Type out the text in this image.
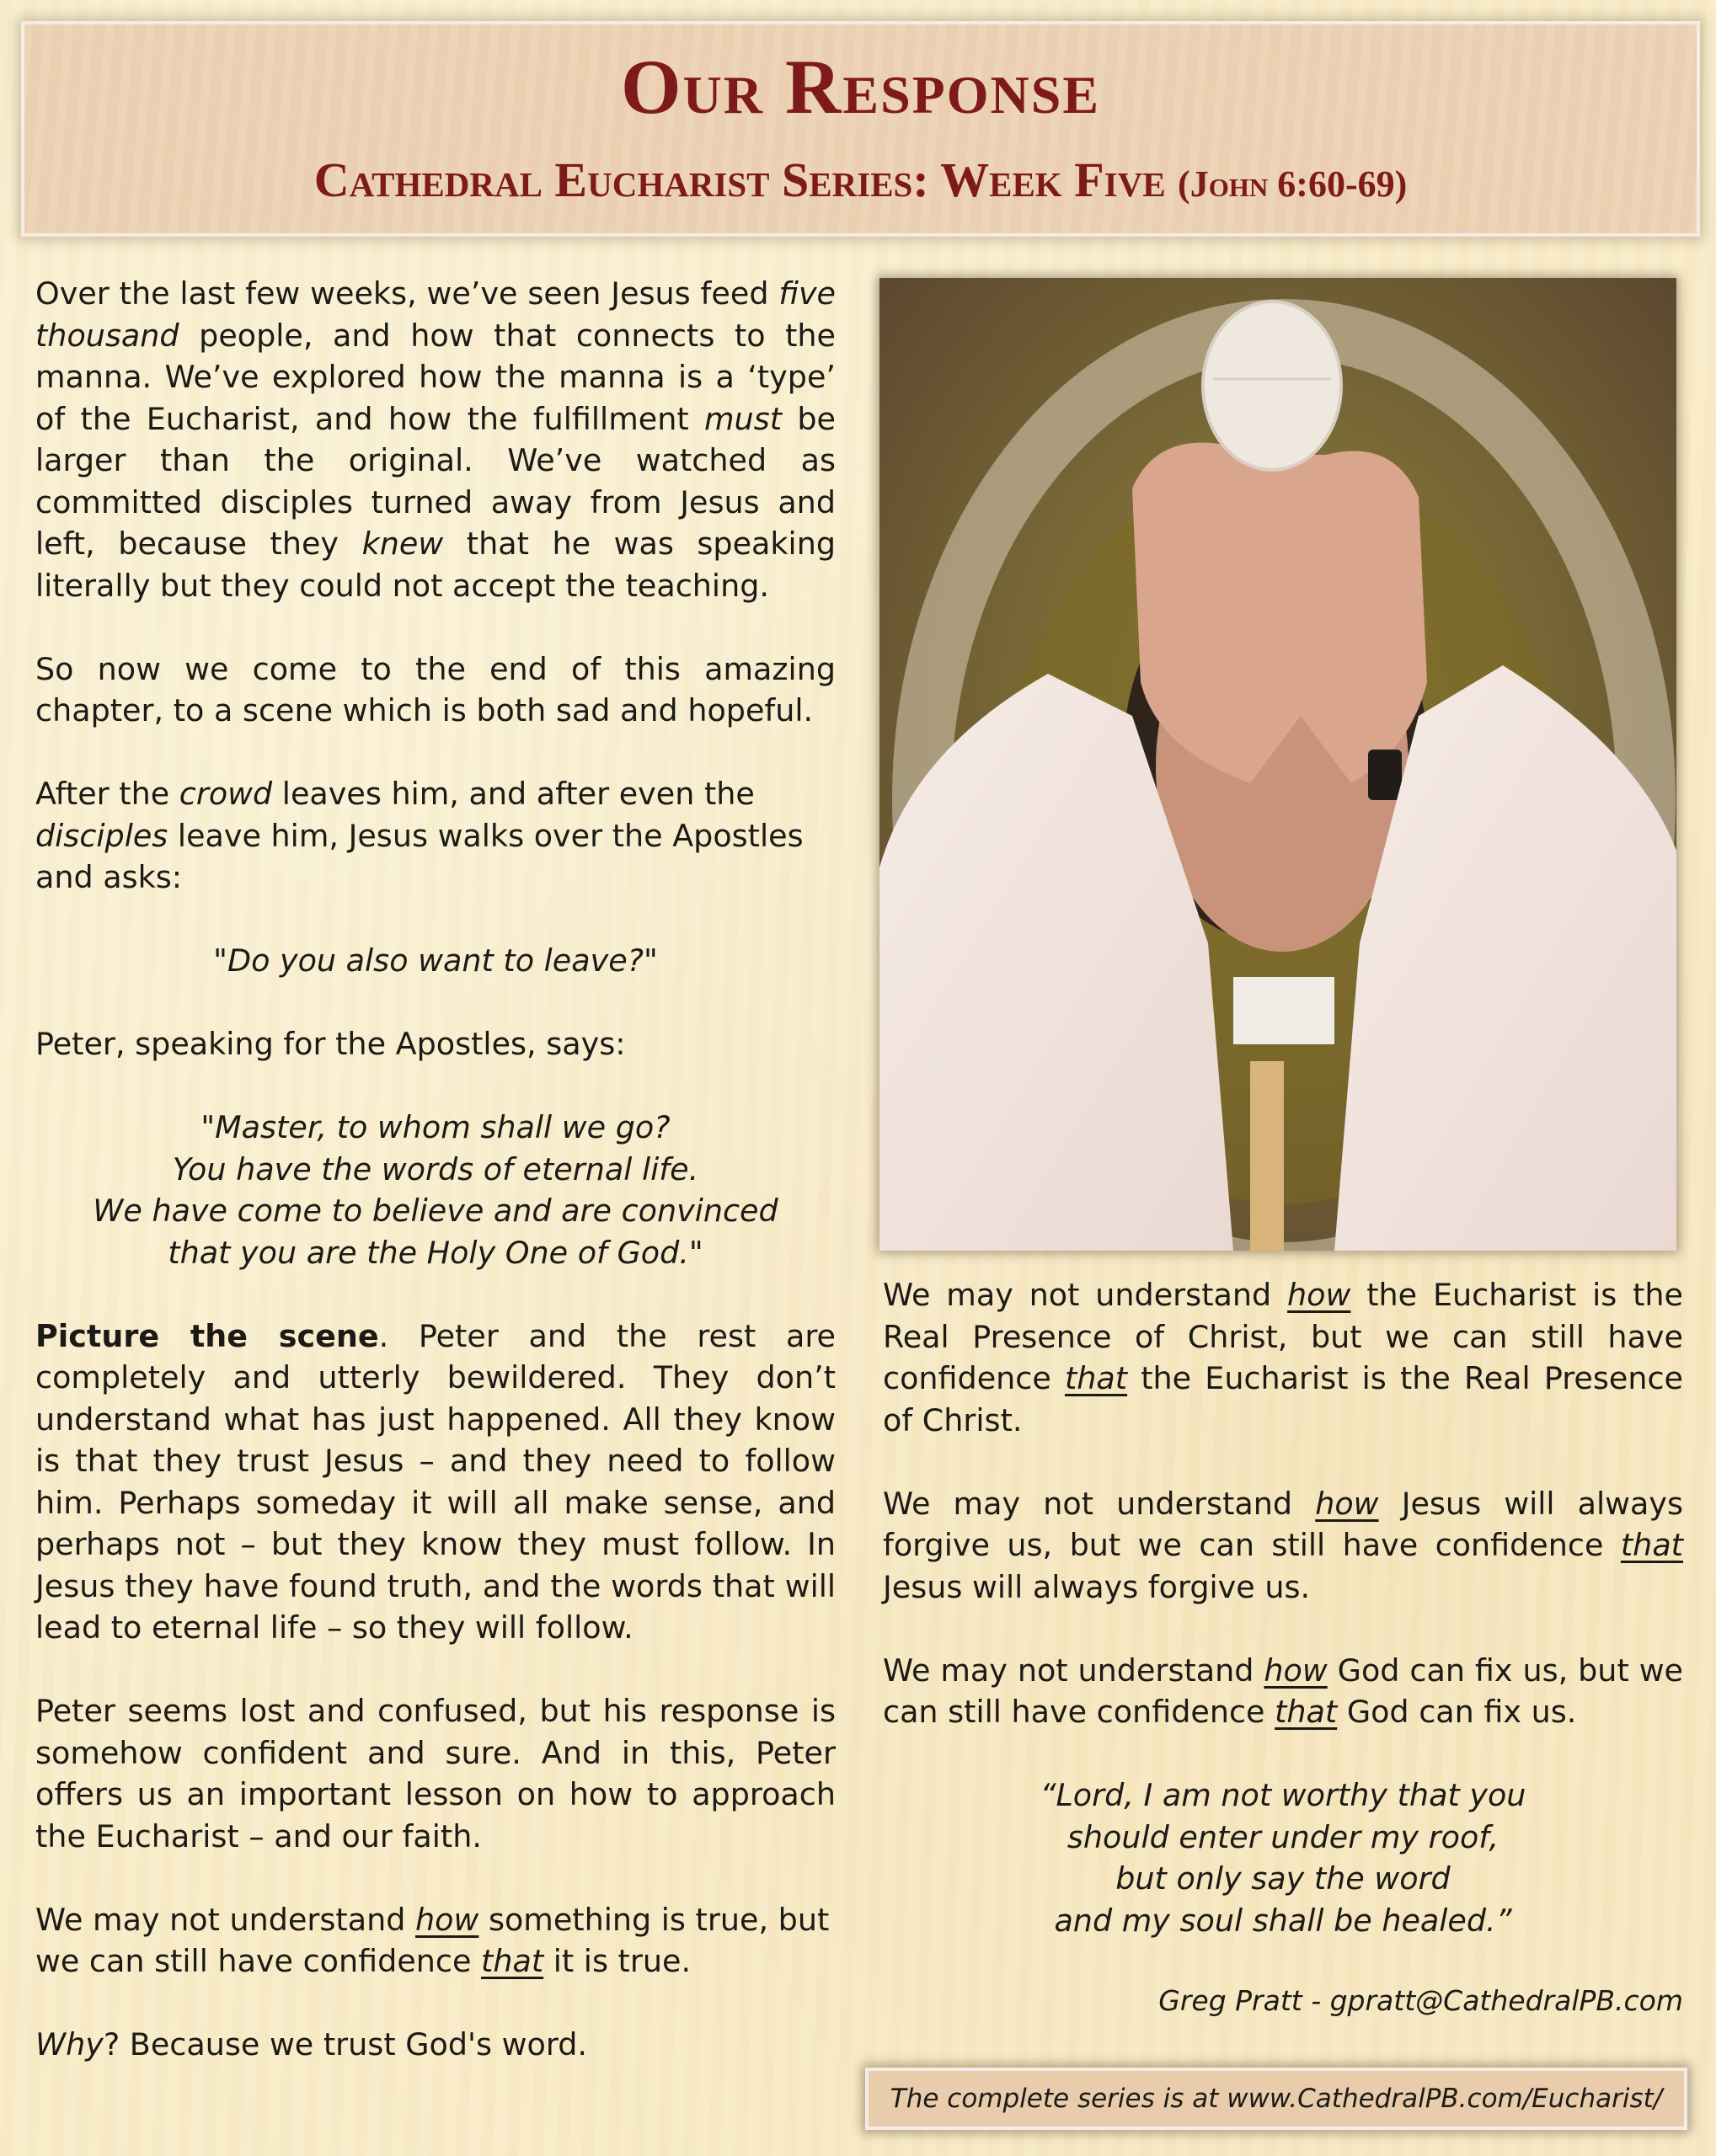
Our Response
Cathedral Eucharist Series: Week Five (John 6:60-69)

Over the last few weeks, we’ve seen Jesus feed five thousand people, and how that connects to the manna. We’ve explored how the manna is a ‘type’ of the Eucharist, and how the fulfillment must be larger than the original. We’ve watched as committed disciples turned away from Jesus and left, because they knew that he was speaking literally but they could not accept the teaching.

So now we come to the end of this amazing chapter, to a scene which is both sad and hopeful.

After the crowd leaves him, and after even the disciples leave him, Jesus walks over the Apostles and asks:

"Do you also want to leave?"

Peter, speaking for the Apostles, says:

"Master, to whom shall we go?
You have the words of eternal life.
We have come to believe and are convinced
that you are the Holy One of God."

Picture the scene. Peter and the rest are completely and utterly bewildered. They don’t understand what has just happened. All they know is that they trust Jesus – and they need to follow him. Perhaps someday it will all make sense, and perhaps not – but they know they must follow. In Jesus they have found truth, and the words that will lead to eternal life – so they will follow.

Peter seems lost and confused, but his response is somehow confident and sure. And in this, Peter offers us an important lesson on how to approach the Eucharist – and our faith.

We may not understand how something is true, but we can still have confidence that it is true.

Why? Because we trust God's word.

We may not understand how the Eucharist is the Real Presence of Christ, but we can still have confidence that the Eucharist is the Real Presence of Christ.

We may not understand how Jesus will always forgive us, but we can still have confidence that Jesus will always forgive us.

We may not understand how God can fix us, but we can still have confidence that God can fix us.

“Lord, I am not worthy that you
should enter under my roof,
but only say the word
and my soul shall be healed.”

Greg Pratt - gpratt@CathedralPB.com

The complete series is at www.CathedralPB.com/Eucharist/
